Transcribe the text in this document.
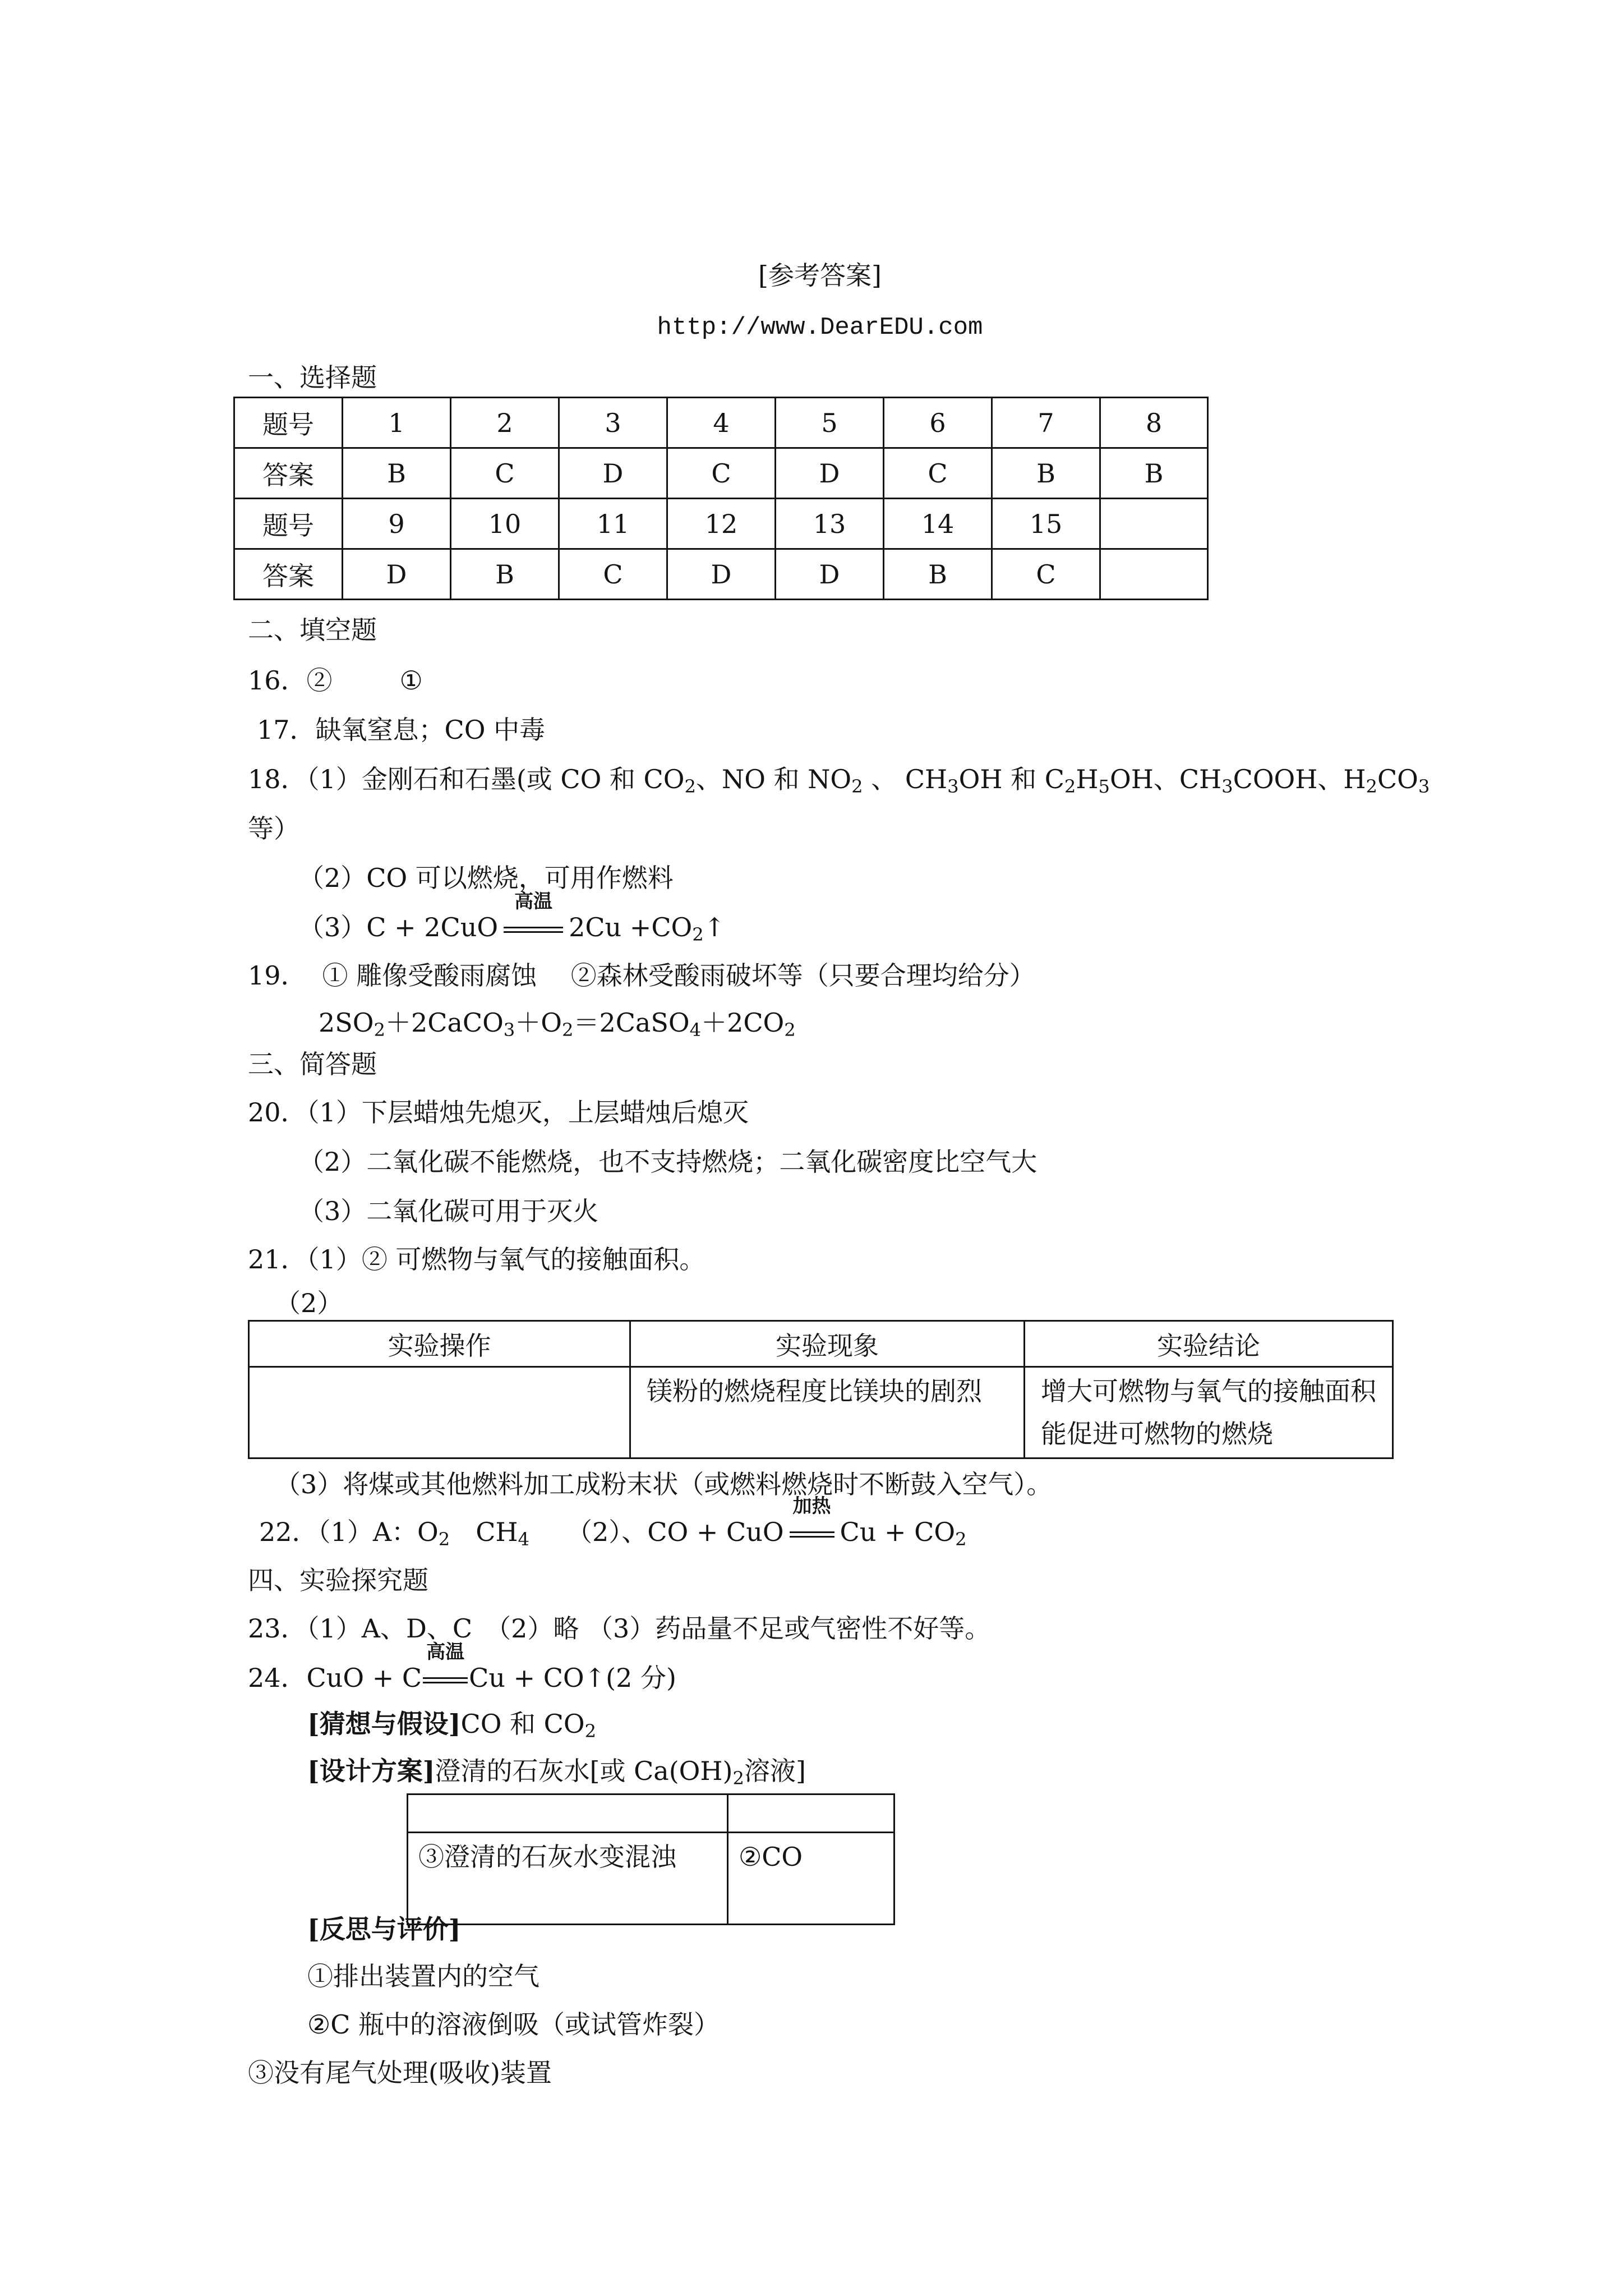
[参考答案]
http://www.DearEDU.com
一、选择题
题号	1	2	3	4	5	6	7	8
答案	B	C	D	C	D	C	B	B
题号	9	10	11	12	13	14	15	
答案	D	B	C	D	D	B	C	
二、填空题
16．②	①
17．缺氧窒息；CO 中毒
18．（1）金刚石和石墨(或 CO 和 $CO_2$、NO 和 $NO_2$ 、 $CH_3OH$ 和 $C_2H_5OH$、$CH_3COOH$、$H_2CO_3$
等）
（2）CO 可以燃烧，可用作燃料
（3）C + 2CuO
高温
$2Cu +CO_2↑$
19． ① 雕像受酸雨腐蚀　 ②森林受酸雨破坏等（只要合理均给分）
$2SO_2+2CaCO_3+O_2=2CaSO_4+2CO_2$
三、简答题
20．（1）下层蜡烛先熄灭，上层蜡烛后熄灭
（2）二氧化碳不能燃烧，也不支持燃烧；二氧化碳密度比空气大
（3）二氧化碳可用于灭火
21．（1）② 可燃物与氧气的接触面积。
（2）
实验操作	实验现象	实验结论
	镁粉的燃烧程度比镁块的剧烈	增大可燃物与氧气的接触面积能促进可燃物的燃烧
（3）将煤或其他燃料加工成粉末状（或燃料燃烧时不断鼓入空气）。
22．（1）A：$O_2$　$CH_4$ （2）、CO + CuO
加热
$Cu + CO_2$
四、实验探究题
23．（1）A、D、C　（2）略 （3）药品量不足或气密性不好等。
24．CuO + C
高温
Cu + CO↑(2 分)
[猜想与假设]CO 和 $CO_2$
[设计方案]澄清的石灰水[或 $Ca(OH)_2$溶液]

③澄清的石灰水变混浊	②CO
[反思与评价]
①排出装置内的空气
②C 瓶中的溶液倒吸（或试管炸裂）
③没有尾气处理(吸收)装置
